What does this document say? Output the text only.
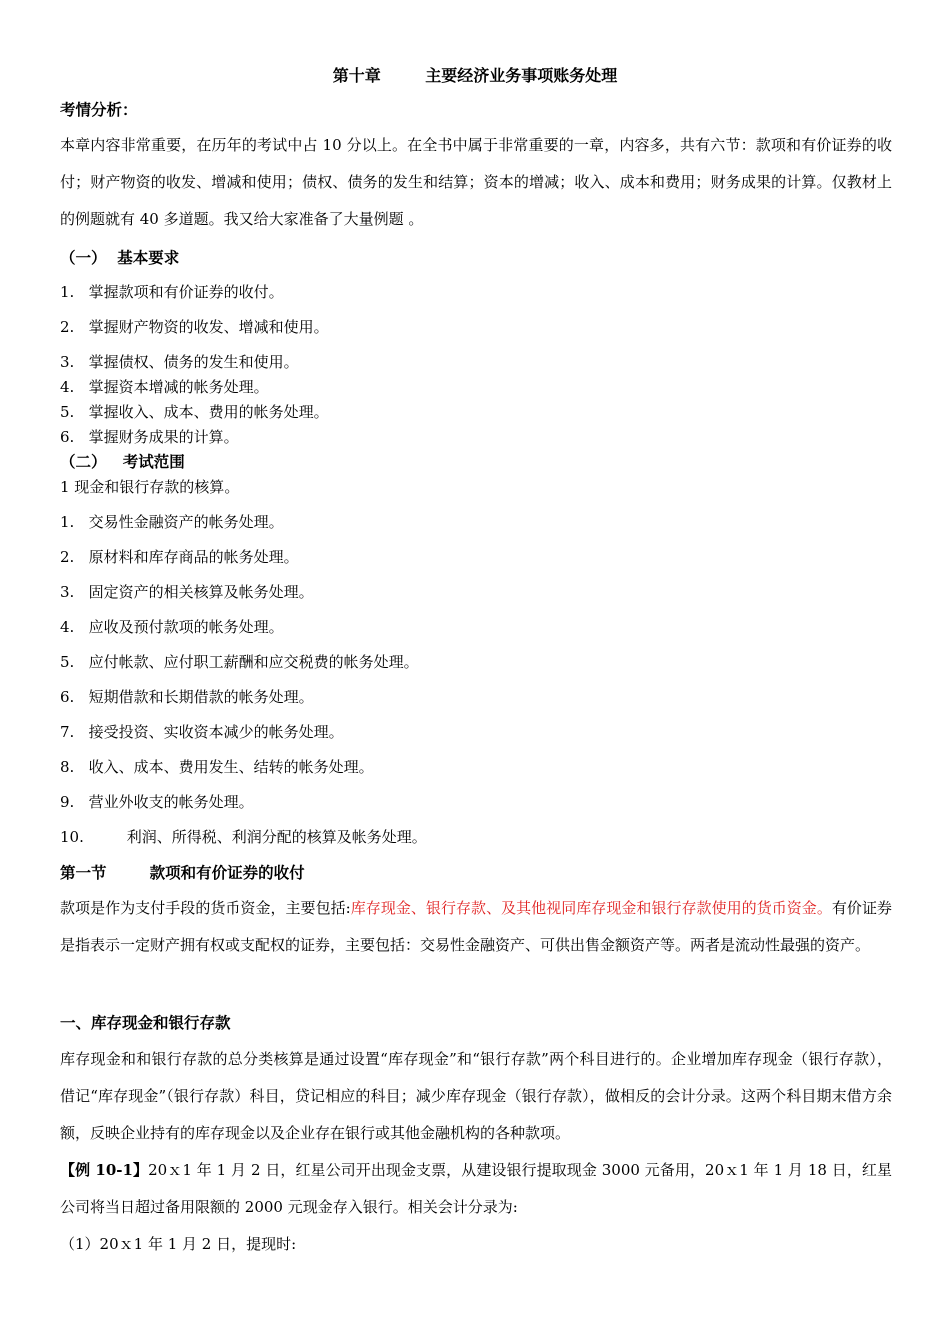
第十章        主要经济业务事项账务处理
考情分析：
本章内容非常重要，在历年的考试中占 10 分以上。在全书中属于非常重要的一章，内容多，共有六节：款项和有价证券的收付；财产物资的收发、增减和使用；债权、债务的发生和结算；资本的增减；收入、成本和费用；财务成果的计算。仅教材上的例题就有 40 多道题。我又给大家准备了大量例题 。
（一）  基本要求
1.   掌握款项和有价证券的收付。
2.   掌握财产物资的收发、增减和使用。
3.   掌握债权、债务的发生和使用。
4.   掌握资本增减的帐务处理。
5.   掌握收入、成本、费用的帐务处理。
6.   掌握财务成果的计算。
（二）   考试范围
1 现金和银行存款的核算。
1.   交易性金融资产的帐务处理。
2.   原材料和库存商品的帐务处理。
3.   固定资产的相关核算及帐务处理。
4.   应收及预付款项的帐务处理。
5.   应付帐款、应付职工薪酬和应交税费的帐务处理。
6.   短期借款和长期借款的帐务处理。
7.   接受投资、实收资本减少的帐务处理。
8.   收入、成本、费用发生、结转的帐务处理。
9.   营业外收支的帐务处理。
10.         利润、所得税、利润分配的核算及帐务处理。
第一节        款项和有价证券的收付
款项是作为支付手段的货币资金，主要包括:库存现金、银行存款、及其他视同库存现金和银行存款使用的货币资金。有价证券是指表示一定财产拥有权或支配权的证券，主要包括：交易性金融资产、可供出售金额资产等。两者是流动性最强的资产。
一、库存现金和银行存款
库存现金和和银行存款的总分类核算是通过设置“库存现金”和“银行存款”两个科目进行的。企业增加库存现金（银行存款），借记“库存现金”（银行存款）科目，贷记相应的科目；减少库存现金（银行存款），做相反的会计分录。这两个科目期末借方余额，反映企业持有的库存现金以及企业存在银行或其他金融机构的各种款项。
【例 10-1】20ｘ1 年 1 月 2 日，红星公司开出现金支票，从建设银行提取现金 3000 元备用，20ｘ1 年 1 月 18 日，红星公司将当日超过备用限额的 2000 元现金存入银行。相关会计分录为:
（1）20ｘ1 年 1 月 2 日，提现时:
